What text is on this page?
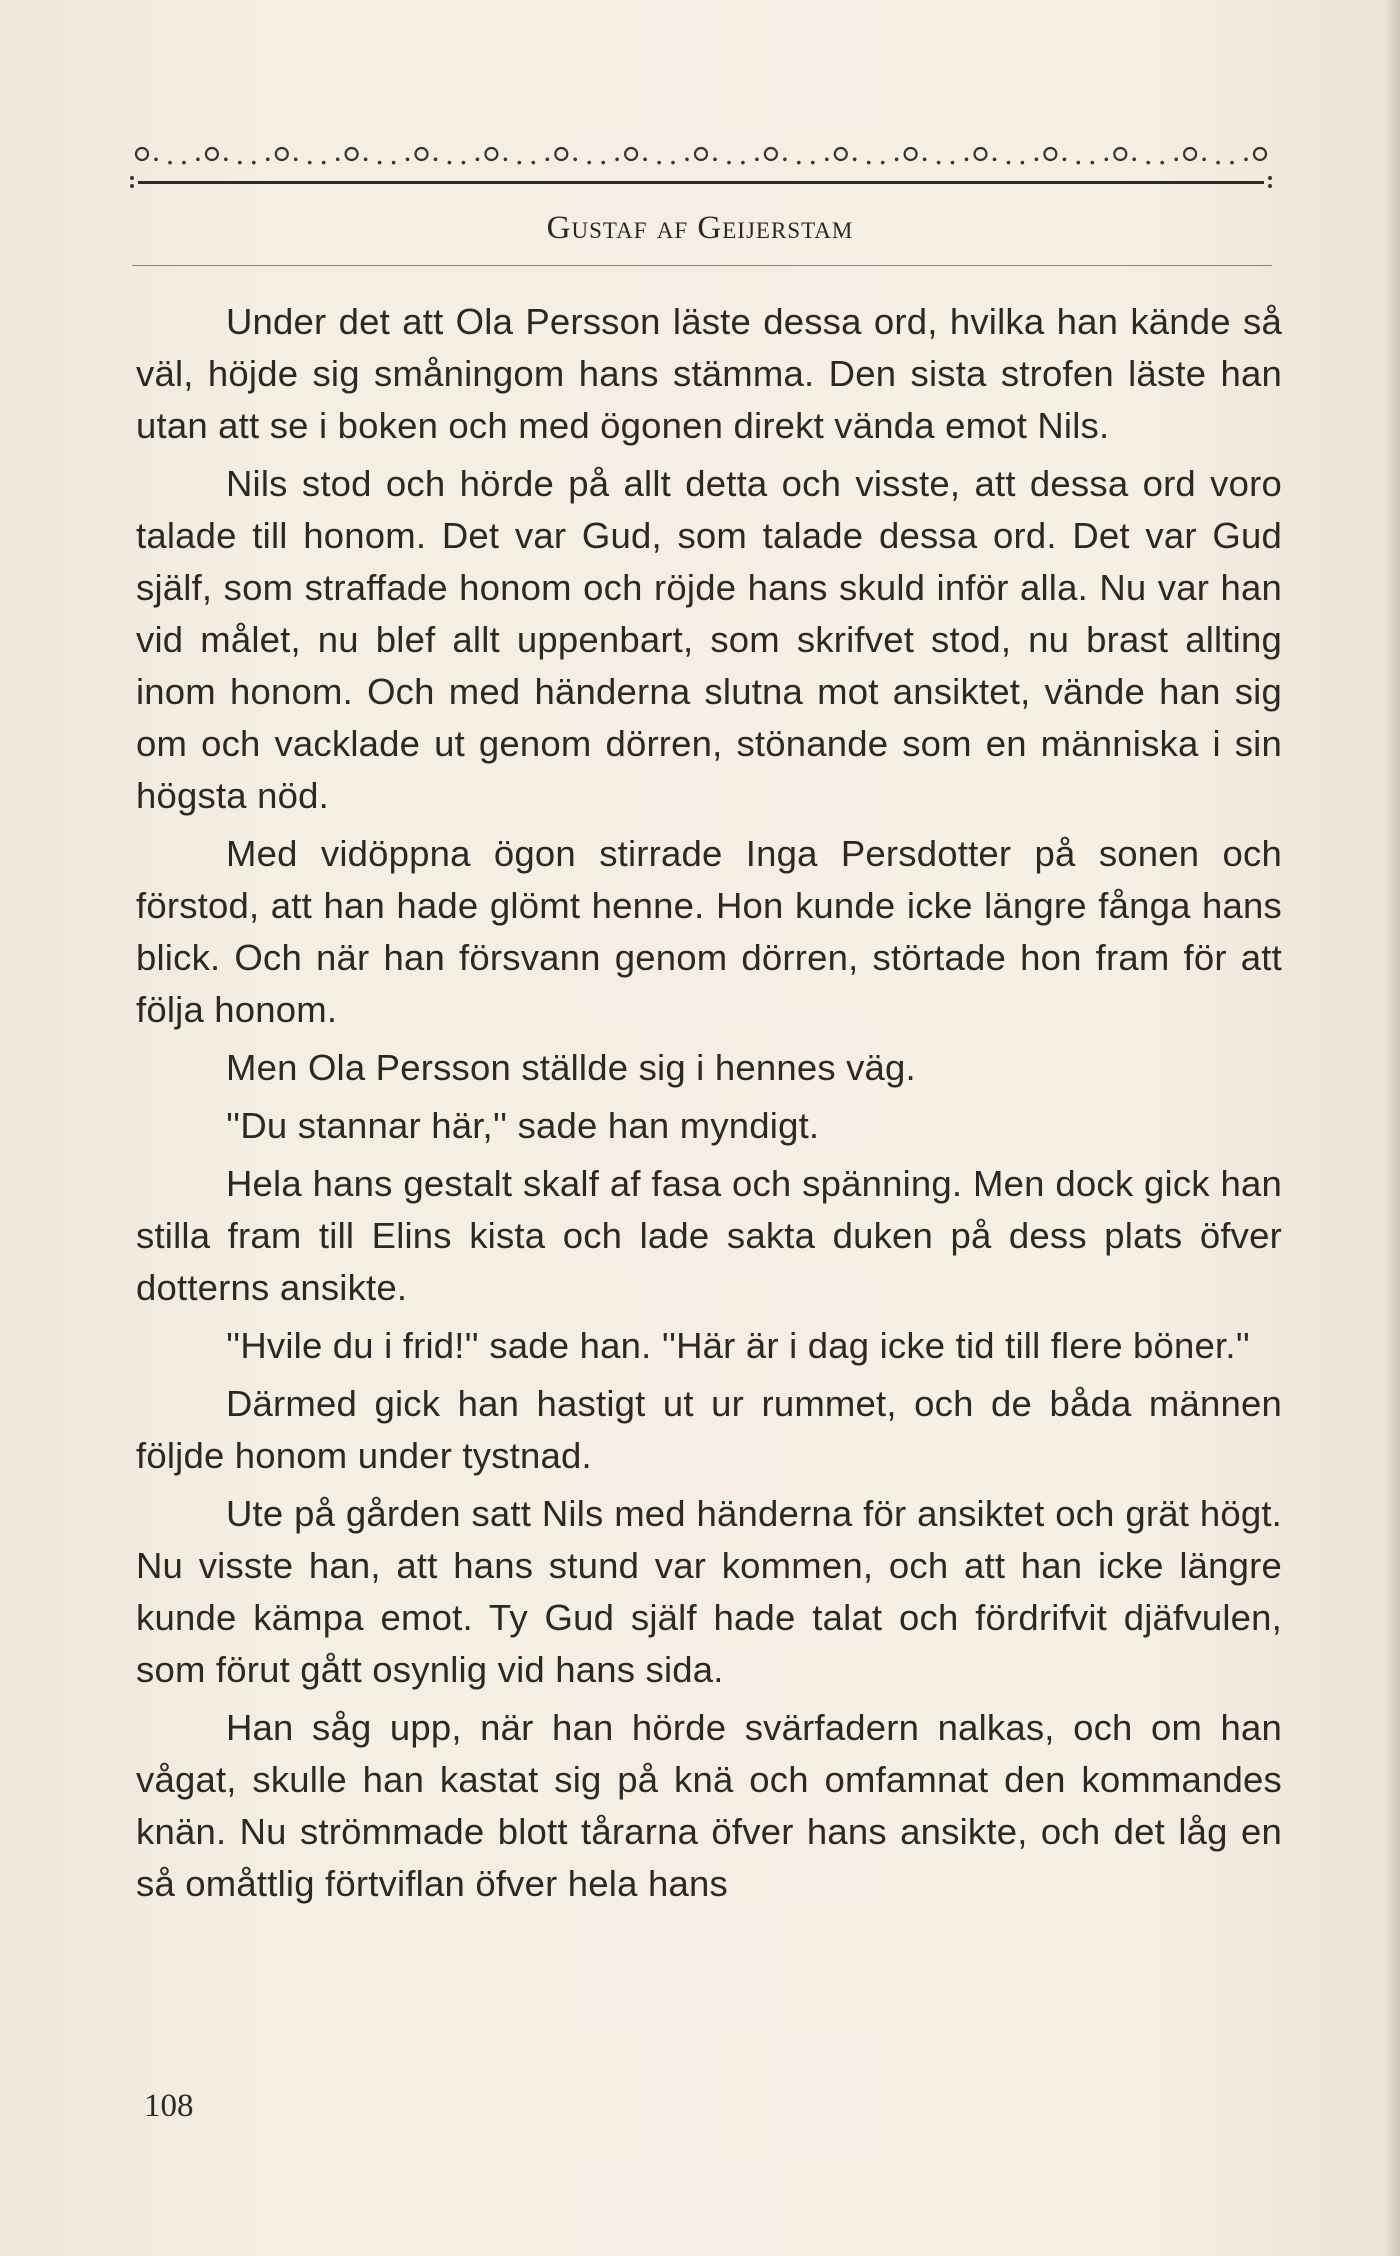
Gustaf af Geijerstam

Under det att Ola Persson läste dessa ord, hvilka han kände så väl, höjde sig småningom hans stämma. Den sista strofen läste han utan att se i boken och med ögonen direkt vända emot Nils.

Nils stod och hörde på allt detta och visste, att dessa ord voro talade till honom. Det var Gud, som talade dessa ord. Det var Gud själf, som straffade honom och röjde hans skuld inför alla. Nu var han vid målet, nu blef allt uppenbart, som skrifvet stod, nu brast allting inom honom. Och med händerna slutna mot ansiktet, vände han sig om och vacklade ut genom dörren, stönande som en människa i sin högsta nöd.

Med vidöppna ögon stirrade Inga Persdotter på sonen och förstod, att han hade glömt henne. Hon kunde icke längre fånga hans blick. Och när han försvann genom dörren, störtade hon fram för att följa honom.

Men Ola Persson ställde sig i hennes väg.

''Du stannar här,'' sade han myndigt.

Hela hans gestalt skalf af fasa och spänning. Men dock gick han stilla fram till Elins kista och lade sakta duken på dess plats öfver dotterns ansikte.

''Hvile du i frid!'' sade han. ''Här är i dag icke tid till flere böner.''

Därmed gick han hastigt ut ur rummet, och de båda männen följde honom under tystnad.

Ute på gården satt Nils med händerna för ansiktet och grät högt. Nu visste han, att hans stund var kommen, och att han icke längre kunde kämpa emot. Ty Gud själf hade talat och fördrifvit djäfvulen, som förut gått osynlig vid hans sida.

Han såg upp, när han hörde svärfadern nalkas, och om han vågat, skulle han kastat sig på knä och omfamnat den kommandes knän. Nu strömmade blott tårarna öfver hans ansikte, och det låg en så omåttlig förtviflan öfver hela hans

108
